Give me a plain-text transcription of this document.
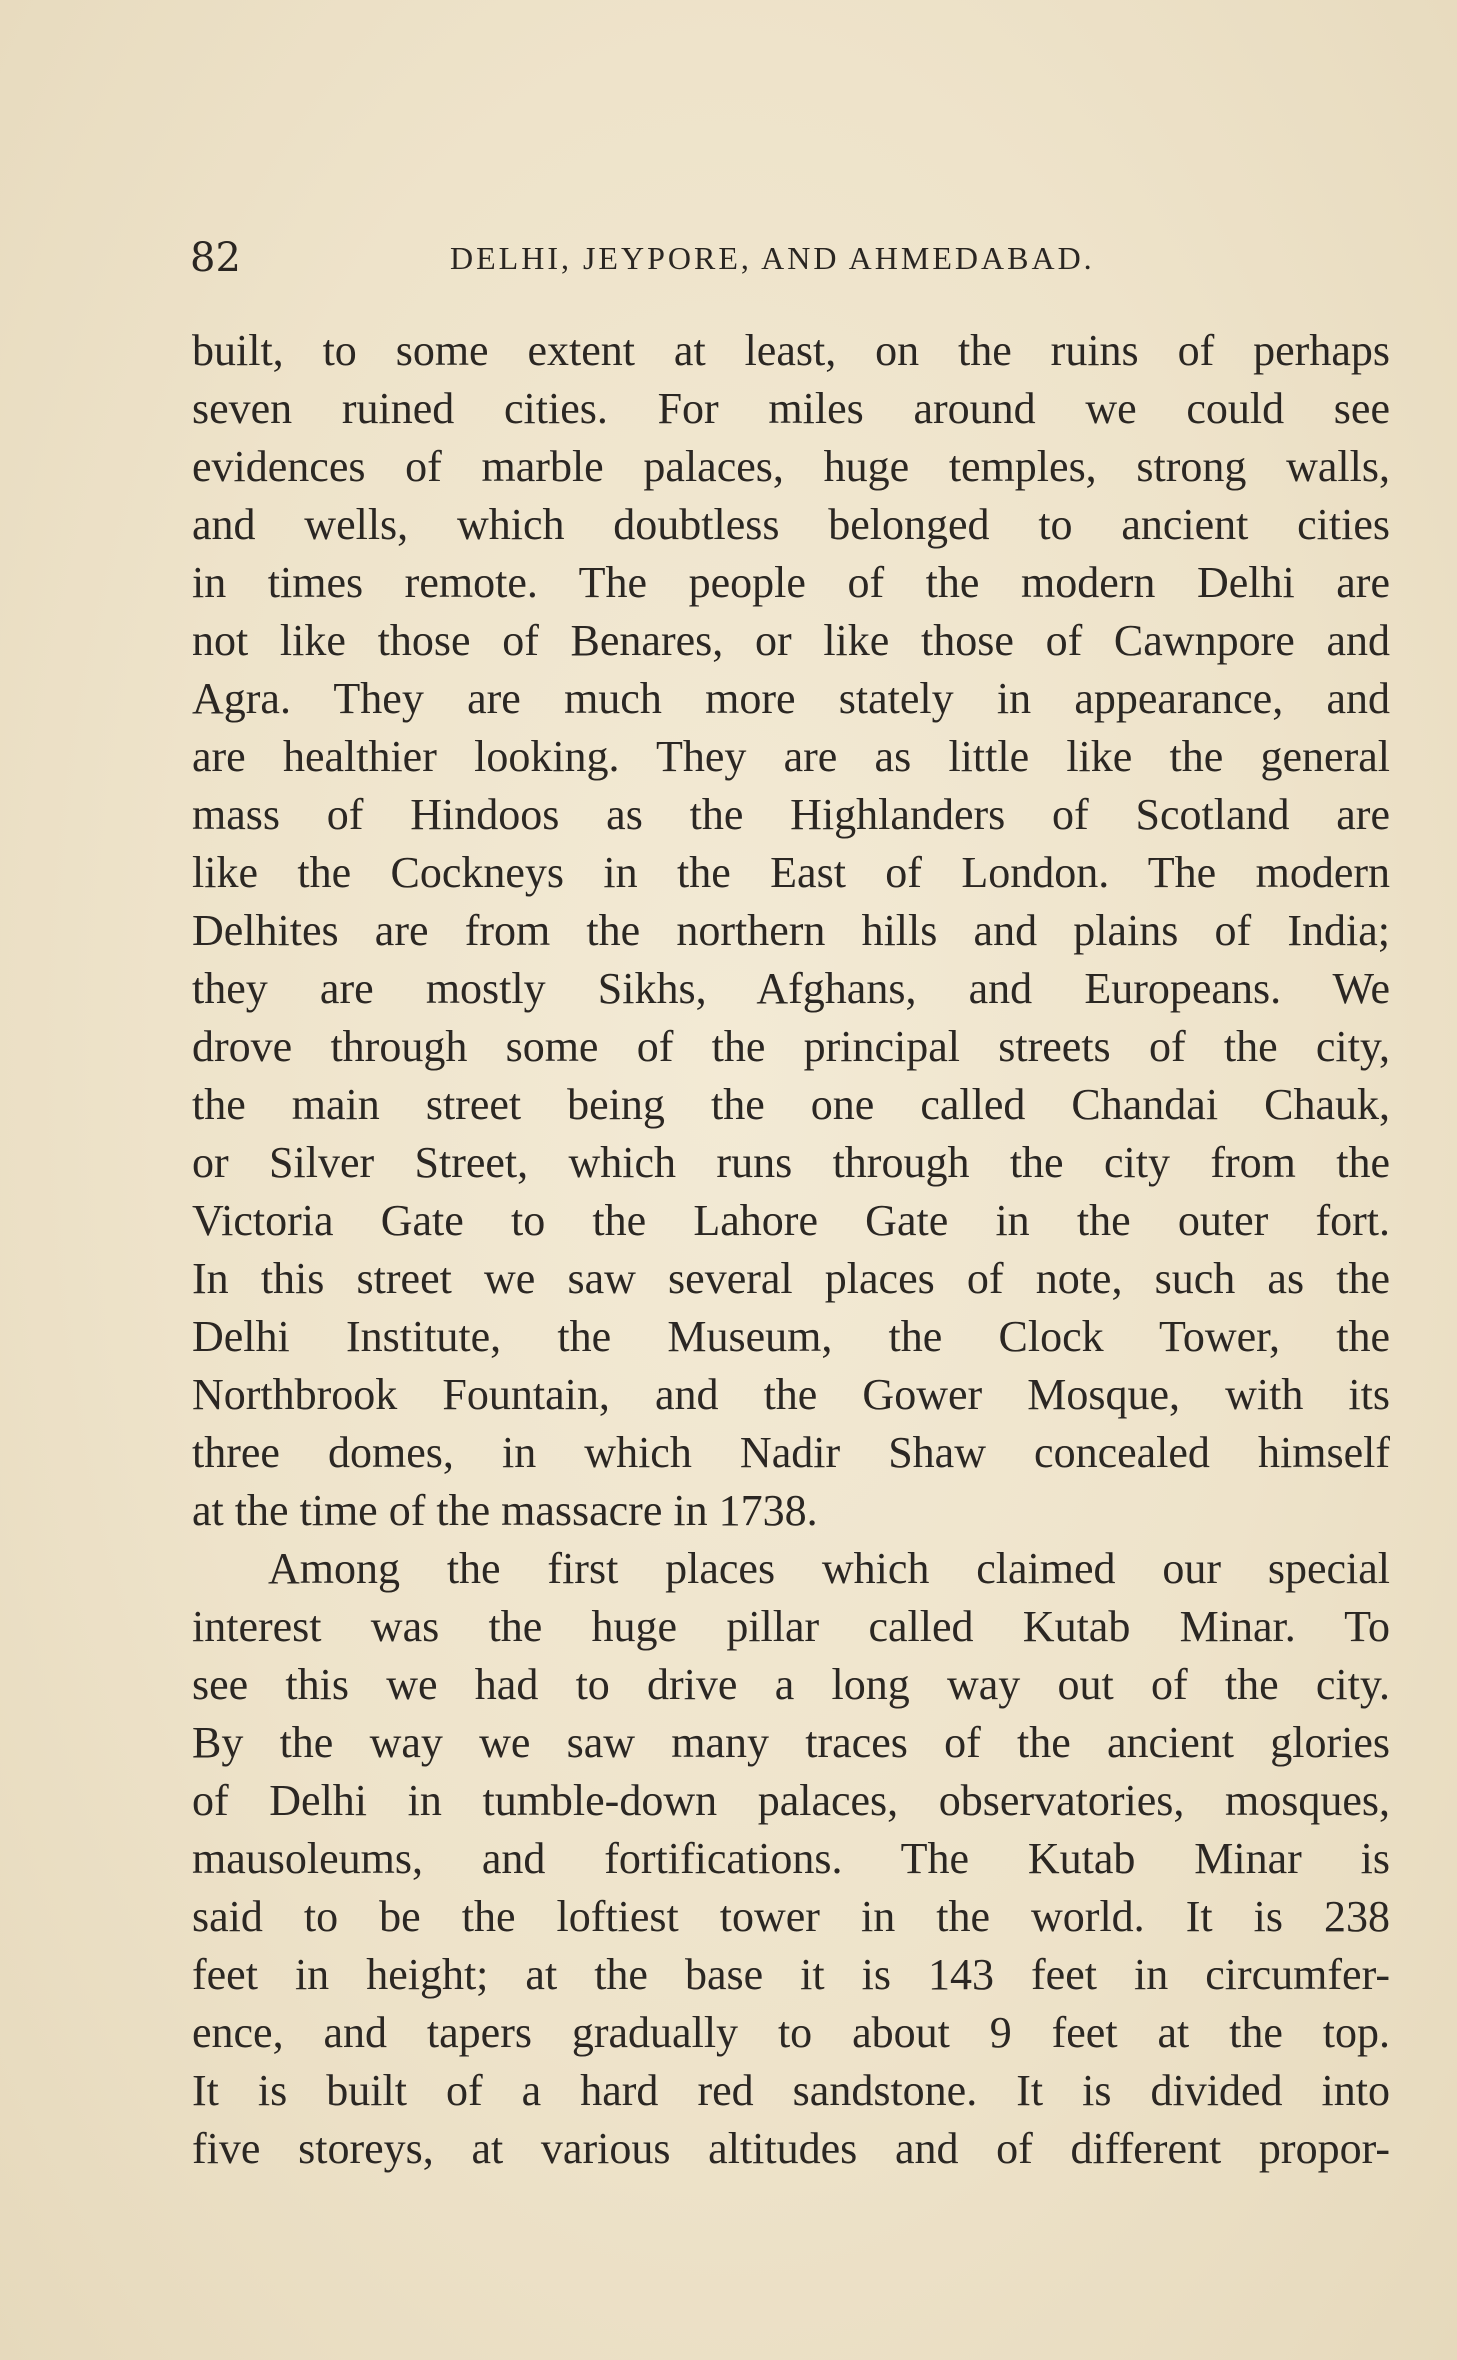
82	DELHI, JEYPORE, AND AHMEDABAD.
built, to some extent at least, on the ruins of perhaps
seven ruined cities. For miles around we could see
evidences of marble palaces, huge temples, strong walls,
and wells, which doubtless belonged to ancient cities
in times remote. The people of the modern Delhi are
not like those of Benares, or like those of Cawnpore and
Agra. They are much more stately in appearance, and
are healthier looking. They are as little like the general
mass of Hindoos as the Highlanders of Scotland are
like the Cockneys in the East of London. The modern
Delhites are from the northern hills and plains of India;
they are mostly Sikhs, Afghans, and Europeans. We
drove through some of the principal streets of the city,
the main street being the one called Chandai Chauk,
or Silver Street, which runs through the city from the
Victoria Gate to the Lahore Gate in the outer fort.
In this street we saw several places of note, such as the
Delhi Institute, the Museum, the Clock Tower, the
Northbrook Fountain, and the Gower Mosque, with its
three domes, in which Nadir Shaw concealed himself
at the time of the massacre in 1738.
Among the first places which claimed our special
interest was the huge pillar called Kutab Minar. To
see this we had to drive a long way out of the city.
By the way we saw many traces of the ancient glories
of Delhi in tumble-down palaces, observatories, mosques,
mausoleums, and fortifications. The Kutab Minar is
said to be the loftiest tower in the world. It is 238
feet in height; at the base it is 143 feet in circumfer-
ence, and tapers gradually to about 9 feet at the top.
It is built of a hard red sandstone. It is divided into
five storeys, at various altitudes and of different propor-
